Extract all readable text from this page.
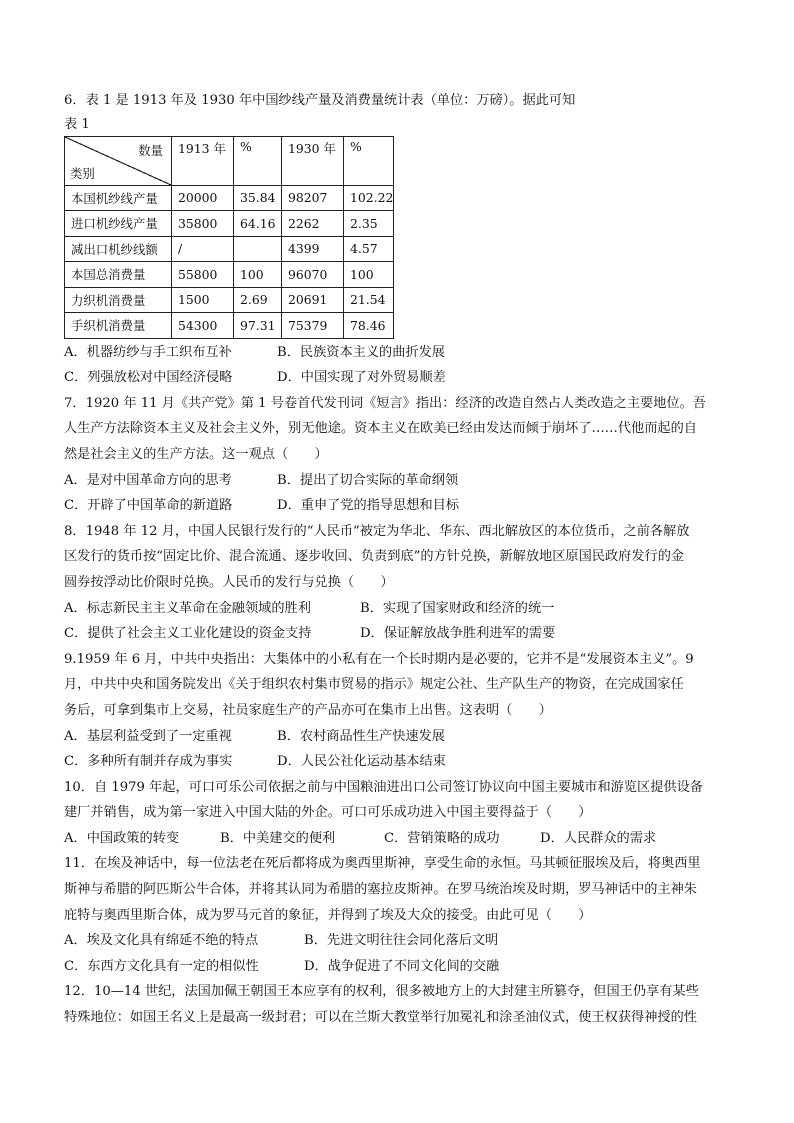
6．表 1 是 1913 年及 1930 年中国纱线产量及消费量统计表（单位：万磅）。据此可知

表 1

数量
类别	1913 年	%	1930 年	%
本国机纱线产量	20000	35.84	98207	102.22
进口机纱线产量	35800	64.16	2262	2.35
减出口机纱线额	/		4399	4.57
本国总消费量	55800	100	96070	100
力织机消费量	1500	2.69	20691	21.54
手织机消费量	54300	97.31	75379	78.46
A．机器纺纱与手工织布互补	B．民族资本主义的曲折发展
C．列强放松对中国经济侵略	D．中国实现了对外贸易顺差

7．1920 年 11 月《共产党》第 1 号卷首代发刊词《短言》指出：经济的改造自然占人类改造之主要地位。吾

人生产方法除资本主义及社会主义外，别无他途。资本主义在欧美已经由发达而倾于崩坏了……代他而起的自

然是社会主义的生产方法。这一观点（　　）

A．是对中国革命方向的思考	B．提出了切合实际的革命纲领
C．开辟了中国革命的新道路	D．重申了党的指导思想和目标

8．1948 年 12 月，中国人民银行发行的“人民币”被定为华北、华东、西北解放区的本位货币，之前各解放

区发行的货币按“固定比价、混合流通、逐步收回、负责到底”的方针兑换，新解放地区原国民政府发行的金

圆券按浮动比价限时兑换。人民币的发行与兑换（　　）

A．标志新民主主义革命在金融领域的胜利	B．实现了国家财政和经济的统一
C．提供了社会主义工业化建设的资金支持	D．保证解放战争胜利进军的需要

9.1959 年 6 月，中共中央指出：大集体中的小私有在一个长时期内是必要的，它并不是“发展资本主义”。9

月，中共中央和国务院发出《关于组织农村集市贸易的指示》规定公社、生产队生产的物资，在完成国家任

务后，可拿到集市上交易，社员家庭生产的产品亦可在集市上出售。这表明（　　）

A．基层利益受到了一定重视	B．农村商品性生产快速发展
C．多种所有制并存成为事实	D．人民公社化运动基本结束

10．自 1979 年起，可口可乐公司依据之前与中国粮油进出口公司签订协议向中国主要城市和游览区提供设备

建厂并销售，成为第一家进入中国大陆的外企。可口可乐成功进入中国主要得益于（　　）

A．中国政策的转变	B．中美建交的便利	C．营销策略的成功	D．人民群众的需求

11．在埃及神话中，每一位法老在死后都将成为奥西里斯神，享受生命的永恒。马其顿征服埃及后，将奥西里

斯神与希腊的阿匹斯公牛合体，并将其认同为希腊的塞拉皮斯神。在罗马统治埃及时期，罗马神话中的主神朱

庇特与奥西里斯合体，成为罗马元首的象征，并得到了埃及大众的接受。由此可见（　　）

A．埃及文化具有绵延不绝的特点	B．先进文明往往会同化落后文明
C．东西方文化具有一定的相似性	D．战争促进了不同文化间的交融

12．10—14 世纪，法国加佩王朝国王本应享有的权利，很多被地方上的大封建主所篡夺，但国王仍享有某些

特殊地位：如国王名义上是最高一级封君；可以在兰斯大教堂举行加冕礼和涂圣油仪式，使王权获得神授的性
